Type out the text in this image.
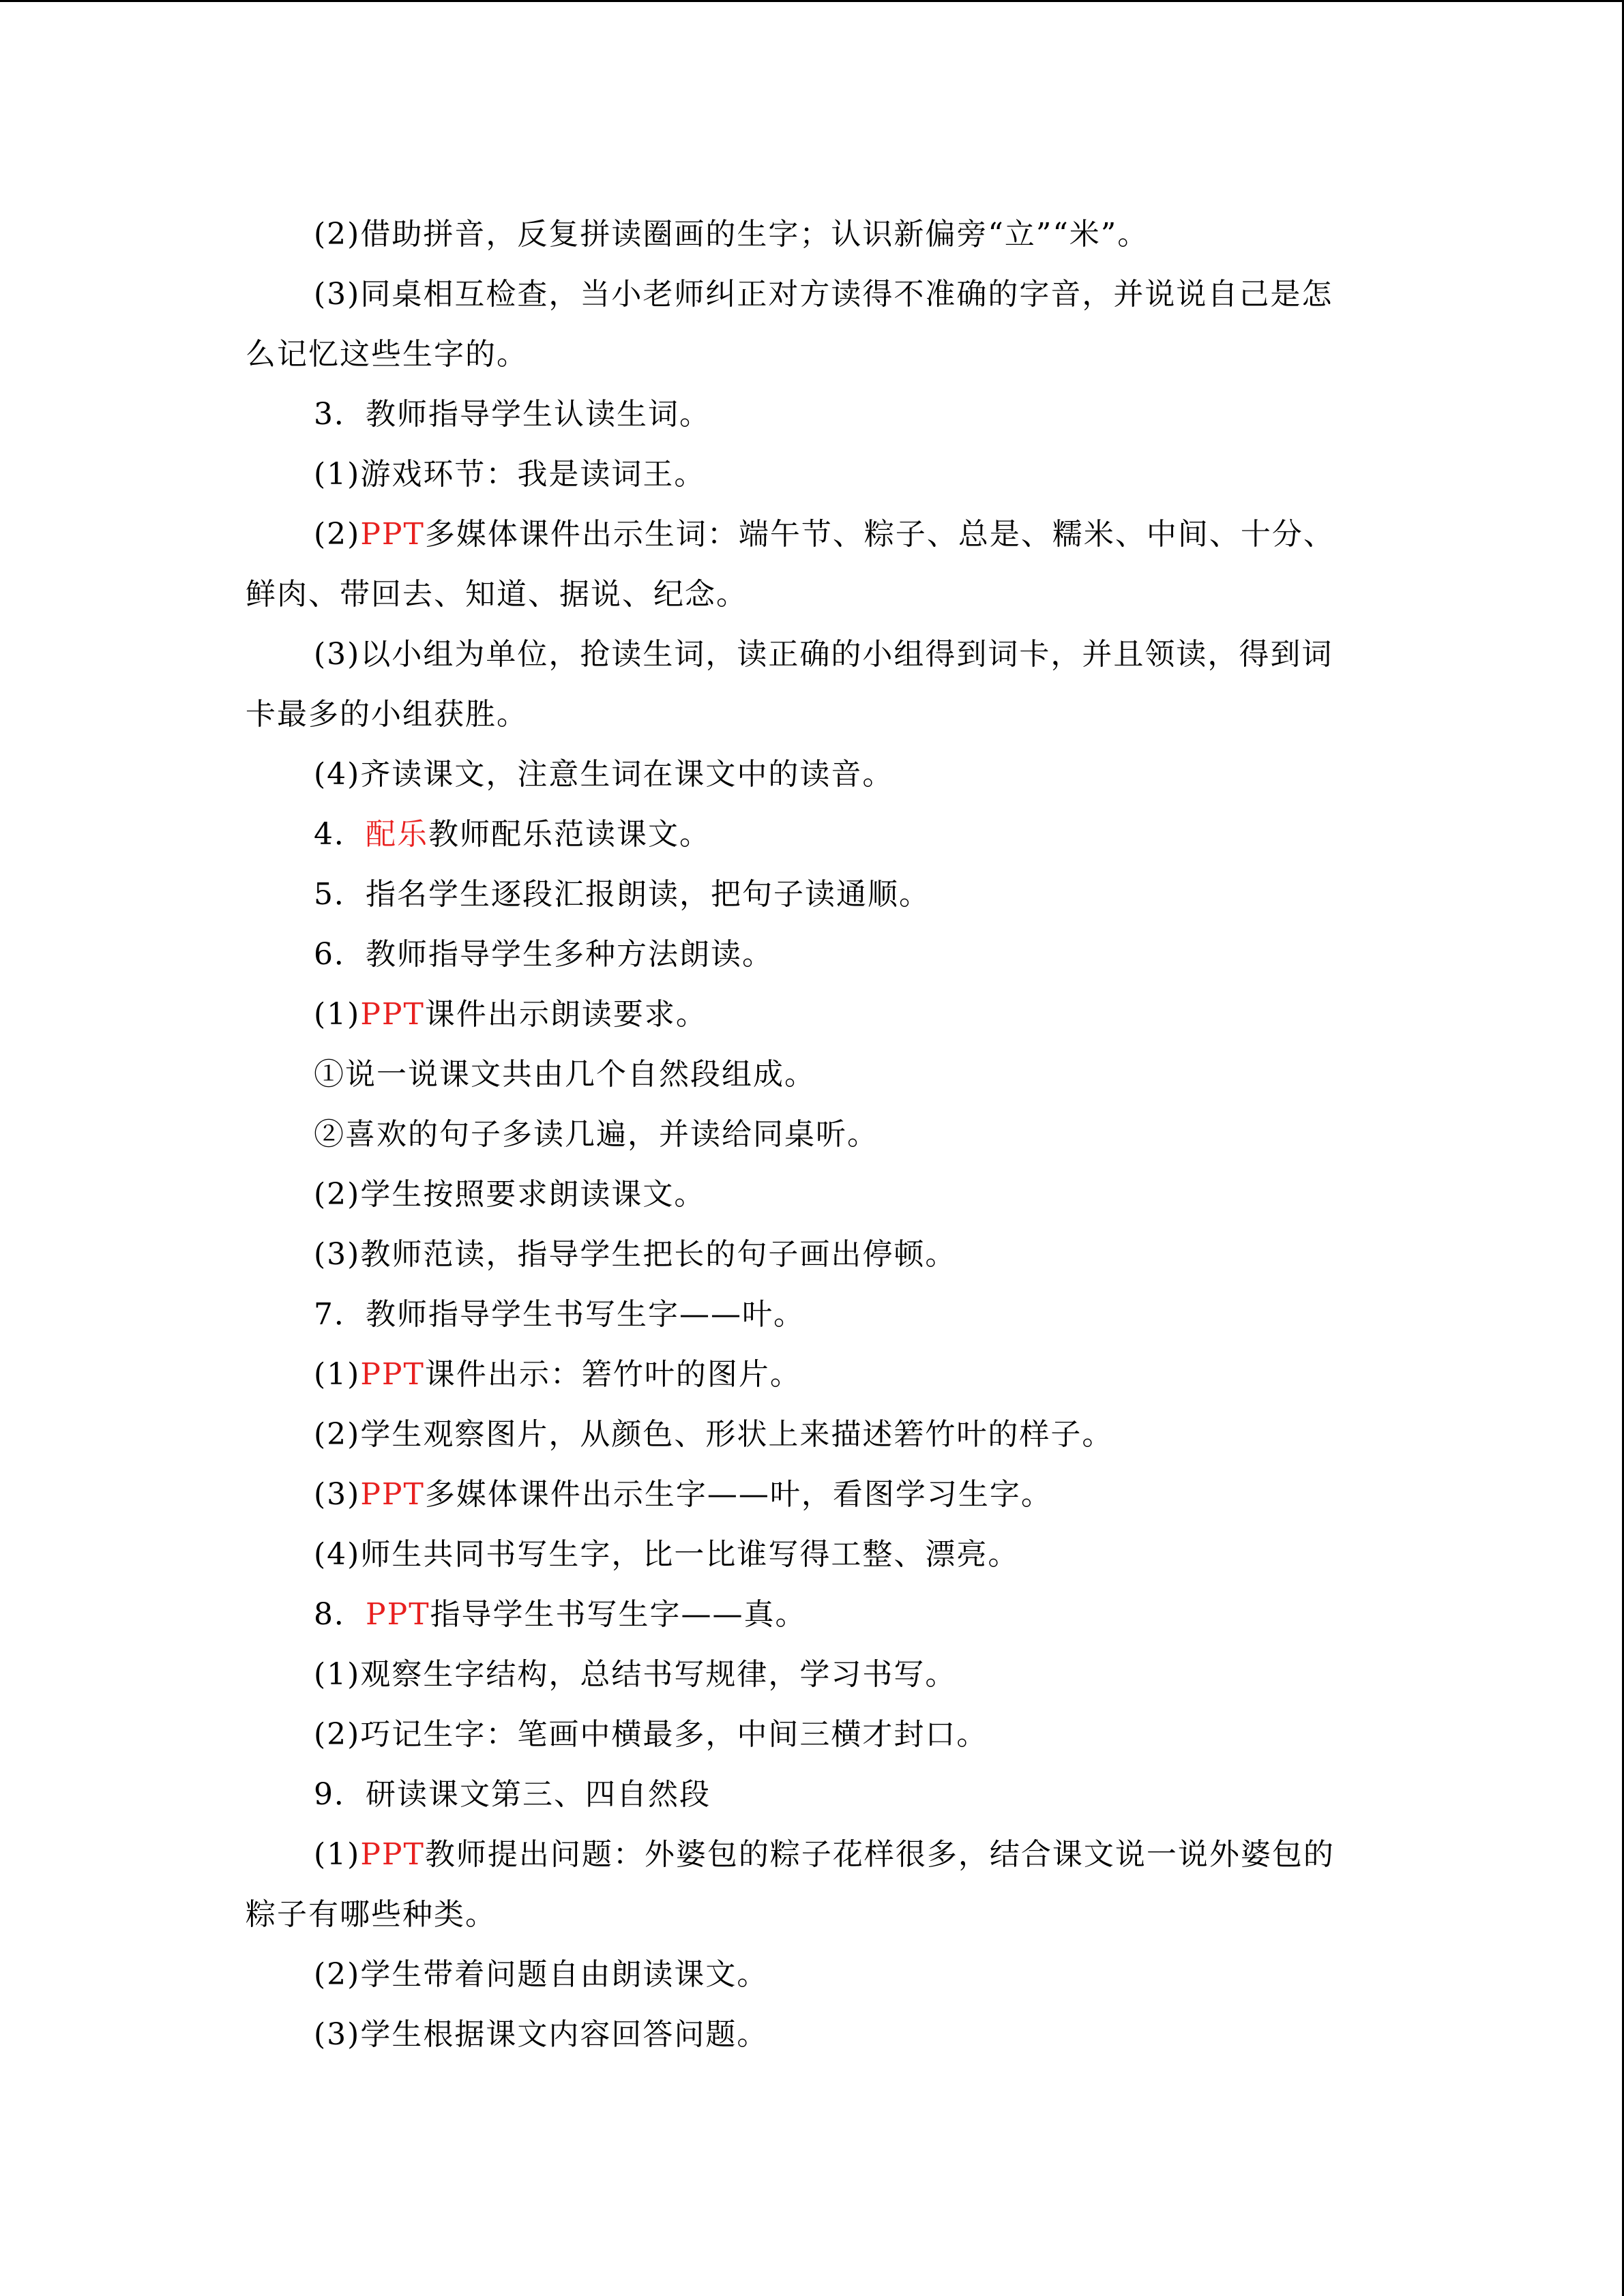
(2)借助拼音，反复拼读圈画的生字；认识新偏旁“立”“米”。
(3)同桌相互检查，当小老师纠正对方读得不准确的字音，并说说自己是怎
么记忆这些生字的。
3．教师指导学生认读生词。
(1)游戏环节：我是读词王。
(2)PPT多媒体课件出示生词：端午节、粽子、总是、糯米、中间、十分、
鲜肉、带回去、知道、据说、纪念。
(3)以小组为单位，抢读生词，读正确的小组得到词卡，并且领读，得到词
卡最多的小组获胜。
(4)齐读课文，注意生词在课文中的读音。
4．配乐教师配乐范读课文。
5．指名学生逐段汇报朗读，把句子读通顺。
6．教师指导学生多种方法朗读。
(1)PPT课件出示朗读要求。
①说一说课文共由几个自然段组成。
②喜欢的句子多读几遍，并读给同桌听。
(2)学生按照要求朗读课文。
(3)教师范读，指导学生把长的句子画出停顿。
7．教师指导学生书写生字——叶。
(1)PPT课件出示：箬竹叶的图片。
(2)学生观察图片，从颜色、形状上来描述箬竹叶的样子。
(3)PPT多媒体课件出示生字——叶，看图学习生字。
(4)师生共同书写生字，比一比谁写得工整、漂亮。
8．PPT指导学生书写生字——真。
(1)观察生字结构，总结书写规律，学习书写。
(2)巧记生字：笔画中横最多，中间三横才封口。
9．研读课文第三、四自然段
(1)PPT教师提出问题：外婆包的粽子花样很多，结合课文说一说外婆包的
粽子有哪些种类。
(2)学生带着问题自由朗读课文。
(3)学生根据课文内容回答问题。
